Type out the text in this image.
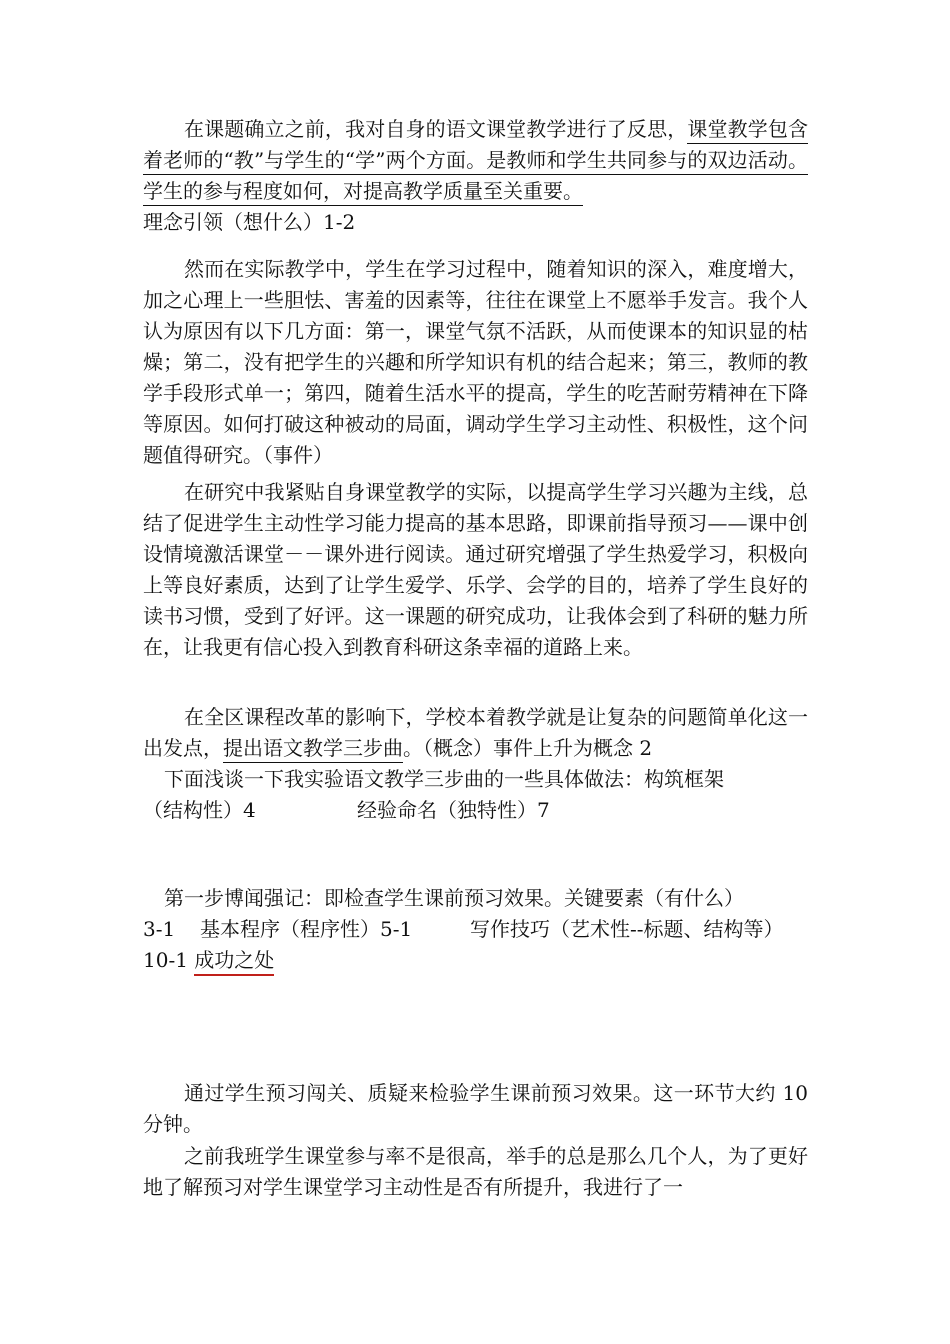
在课题确立之前，我对自身的语文课堂教学进行了反思，课堂教学包含着老师的“教”与学生的“学”两个方面。是教师和学生共同参与的双边活动。学生的参与程度如何，对提高教学质量至关重要。
理念引领（想什么）1-2

然而在实际教学中，学生在学习过程中，随着知识的深入，难度增大，加之心理上一些胆怯、害羞的因素等，往往在课堂上不愿举手发言。我个人认为原因有以下几方面：第一，课堂气氛不活跃，从而使课本的知识显的枯燥；第二，没有把学生的兴趣和所学知识有机的结合起来；第三，教师的教学手段形式单一；第四，随着生活水平的提高，学生的吃苦耐劳精神在下降等原因。如何打破这种被动的局面，调动学生学习主动性、积极性，这个问题值得研究。（事件）

在研究中我紧贴自身课堂教学的实际，以提高学生学习兴趣为主线，总结了促进学生主动性学习能力提高的基本思路，即课前指导预习——课中创设情境激活课堂－－课外进行阅读。通过研究增强了学生热爱学习，积极向上等良好素质，达到了让学生爱学、乐学、会学的目的，培养了学生良好的读书习惯，受到了好评。这一课题的研究成功，让我体会到了科研的魅力所在，让我更有信心投入到教育科研这条幸福的道路上来。

在全区课程改革的影响下，学校本着教学就是让复杂的问题简单化这一出发点，提出语文教学三步曲。（概念）事件上升为概念 2

下面浅谈一下我实验语文教学三步曲的一些具体做法：构筑框架

（结构性）4	经验命名（独特性）7

第一步博闻强记：即检查学生课前预习效果。关键要素（有什么）

3-1 基本程序（程序性）5-1	写作技巧（艺术性--标题、结构等）

10-1 成功之处

通过学生预习闯关、质疑来检验学生课前预习效果。这一环节大约 10 分钟。

之前我班学生课堂参与率不是很高，举手的总是那么几个人，为了更好地了解预习对学生课堂学习主动性是否有所提升，我进行了一
